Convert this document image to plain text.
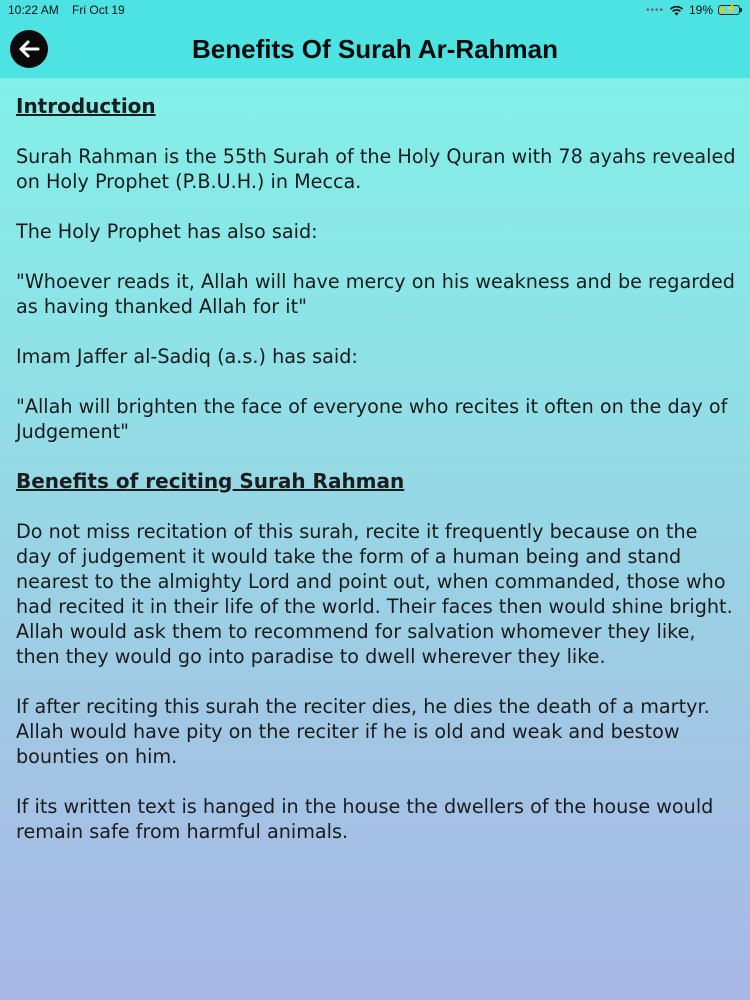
10:22 AM Fri Oct 19	•••• 19% ⚡
Benefits Of Surah Ar-Rahman
Introduction

Surah Rahman is the 55th Surah of the Holy Quran with 78 ayahs revealed on Holy Prophet (P.B.U.H.) in Mecca.

The Holy Prophet has also said:

"Whoever reads it, Allah will have mercy on his weakness and be regarded as having thanked Allah for it"

Imam Jaffer al-Sadiq (a.s.) has said:

"Allah will brighten the face of everyone who recites it often on the day of Judgement"

Benefits of reciting Surah Rahman

Do not miss recitation of this surah, recite it frequently because on the day of judgement it would take the form of a human being and stand nearest to the almighty Lord and point out, when commanded, those who had recited it in their life of the world. Their faces then would shine bright. Allah would ask them to recommend for salvation whomever they like, then they would go into paradise to dwell wherever they like.

If after reciting this surah the reciter dies, he dies the death of a martyr. Allah would have pity on the reciter if he is old and weak and bestow bounties on him.

If its written text is hanged in the house the dwellers of the house would remain safe from harmful animals.
